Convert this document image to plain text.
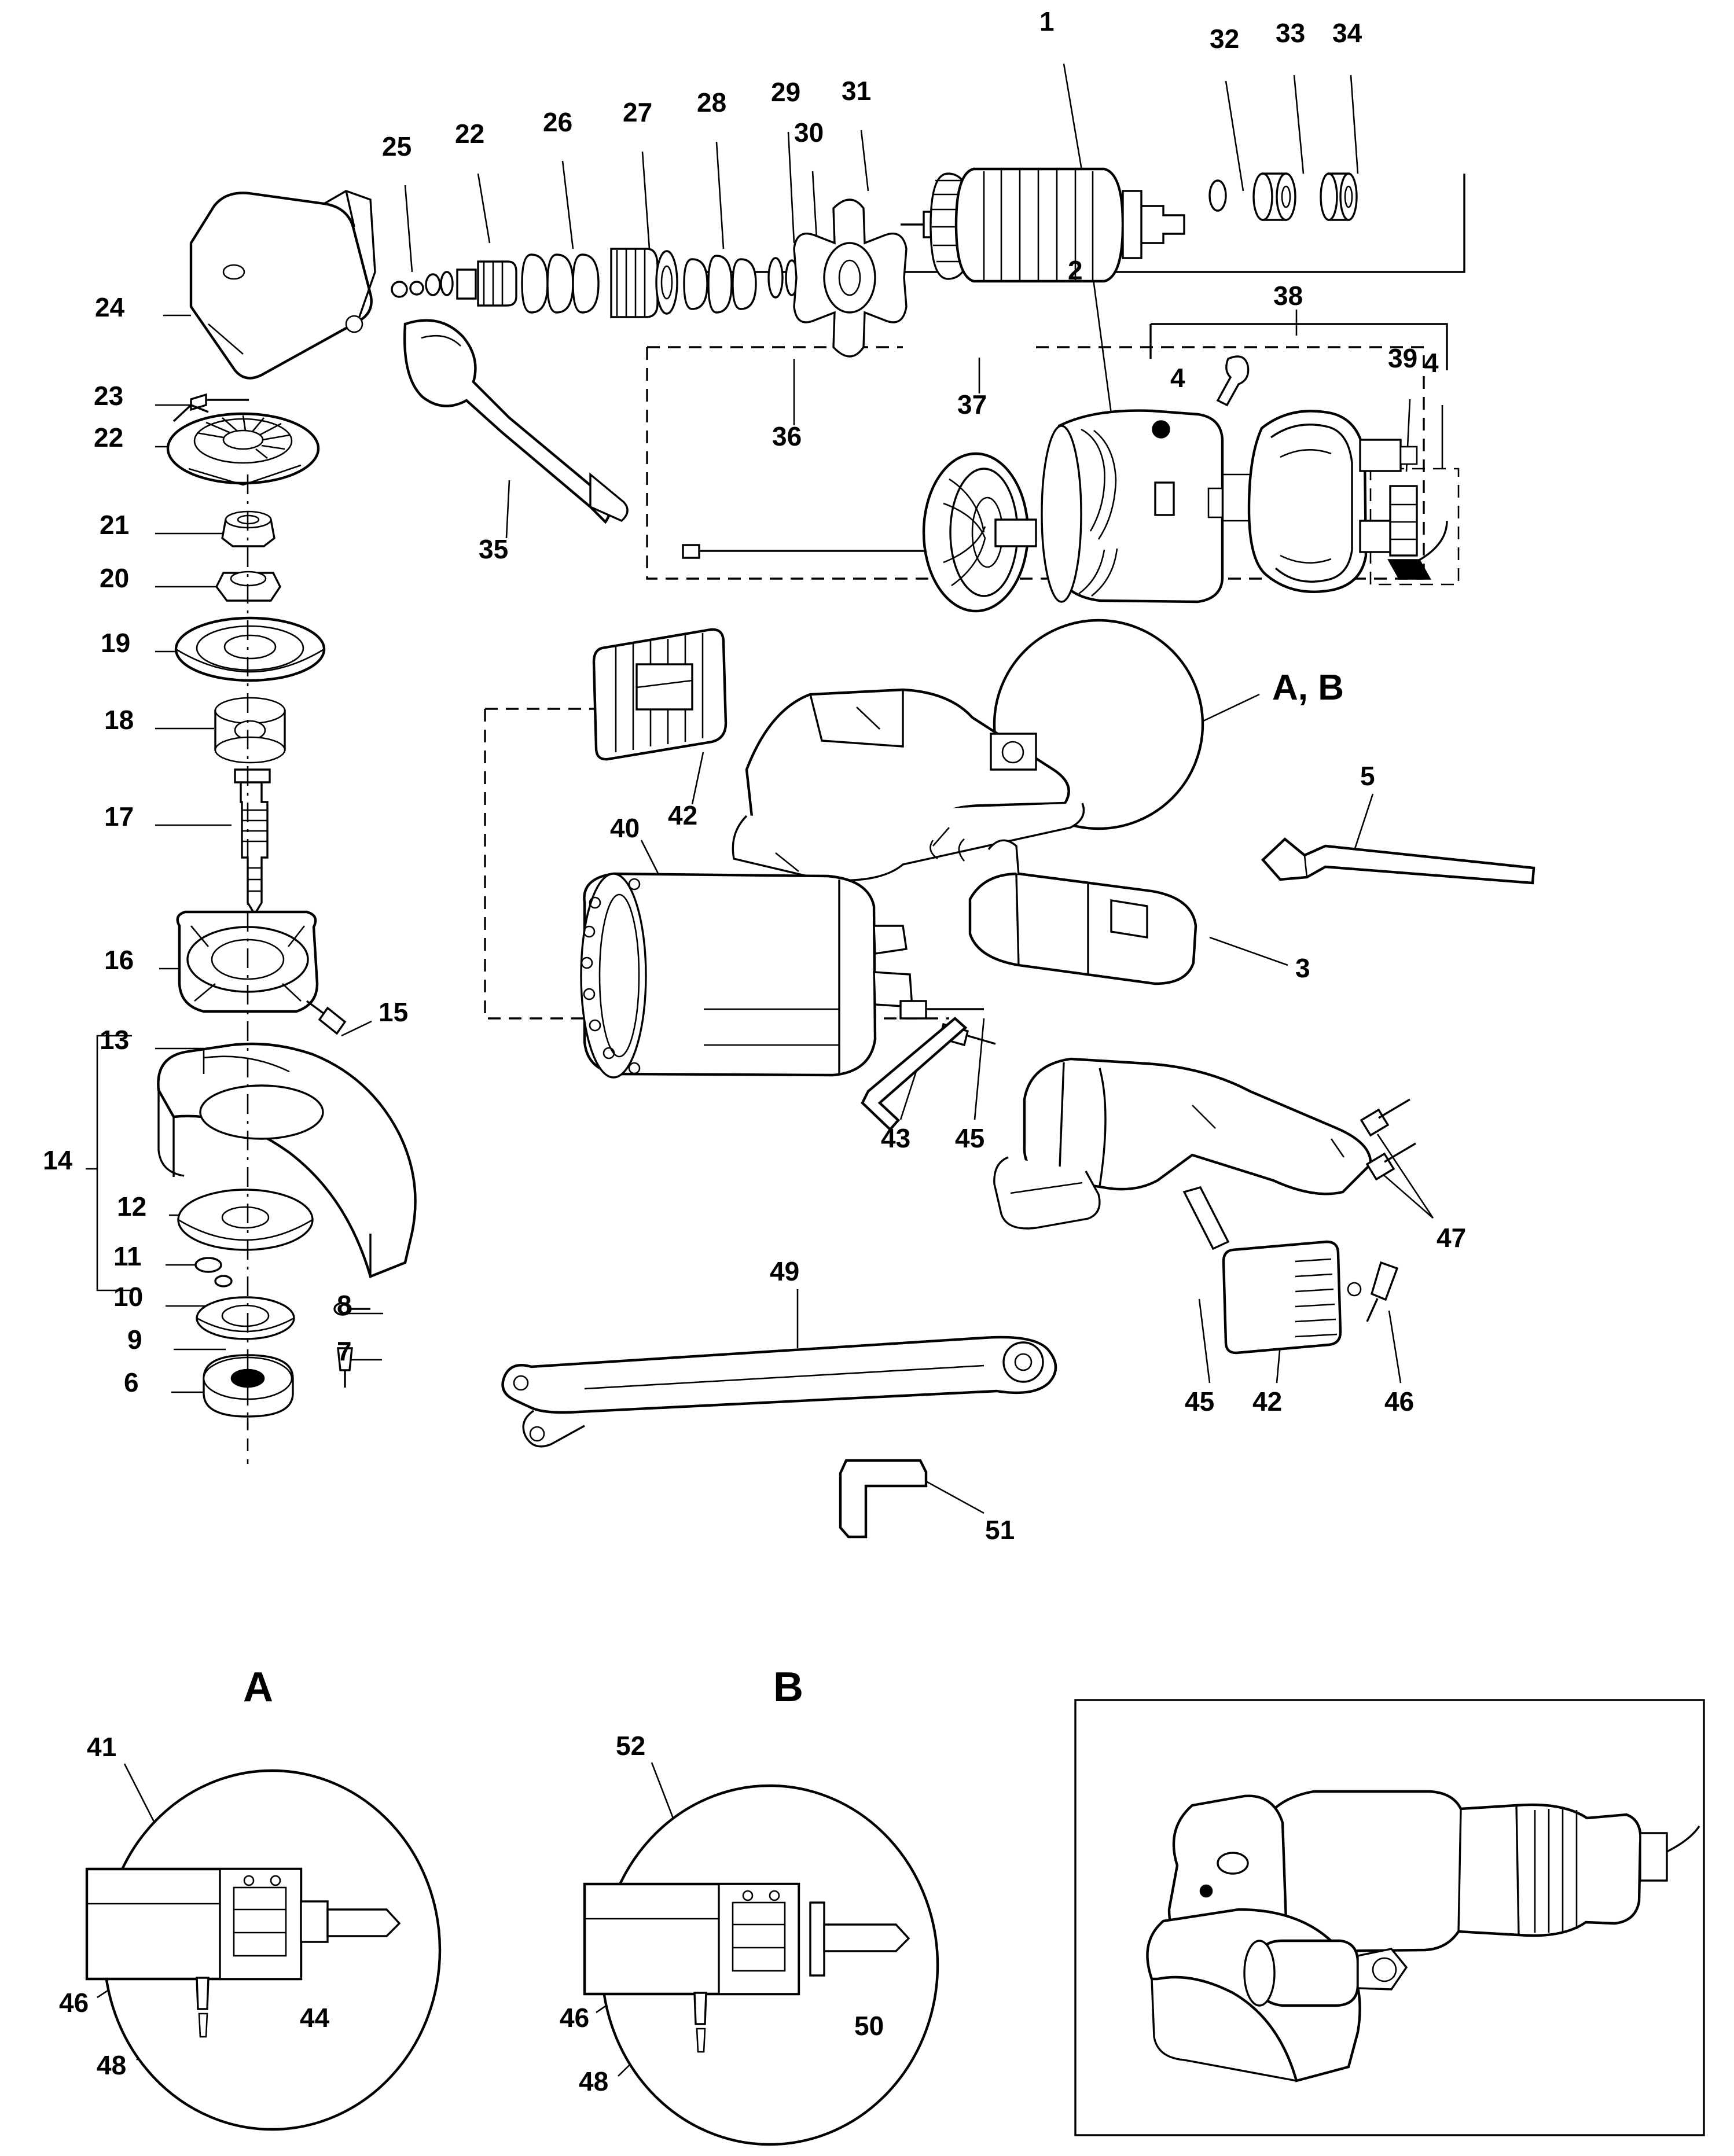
1
2
3
4	4
5
6
7
8
9
10
11
12
13
14
15
16
17
18
19
20
21
22
22
23
24
25
26 27 28 29
30
31
32 33 34
35
36
37
38
39
40
41
42
42
43
44
45
45	46
46	46
47
48
48
49
50
51
52
A, B
A	B
